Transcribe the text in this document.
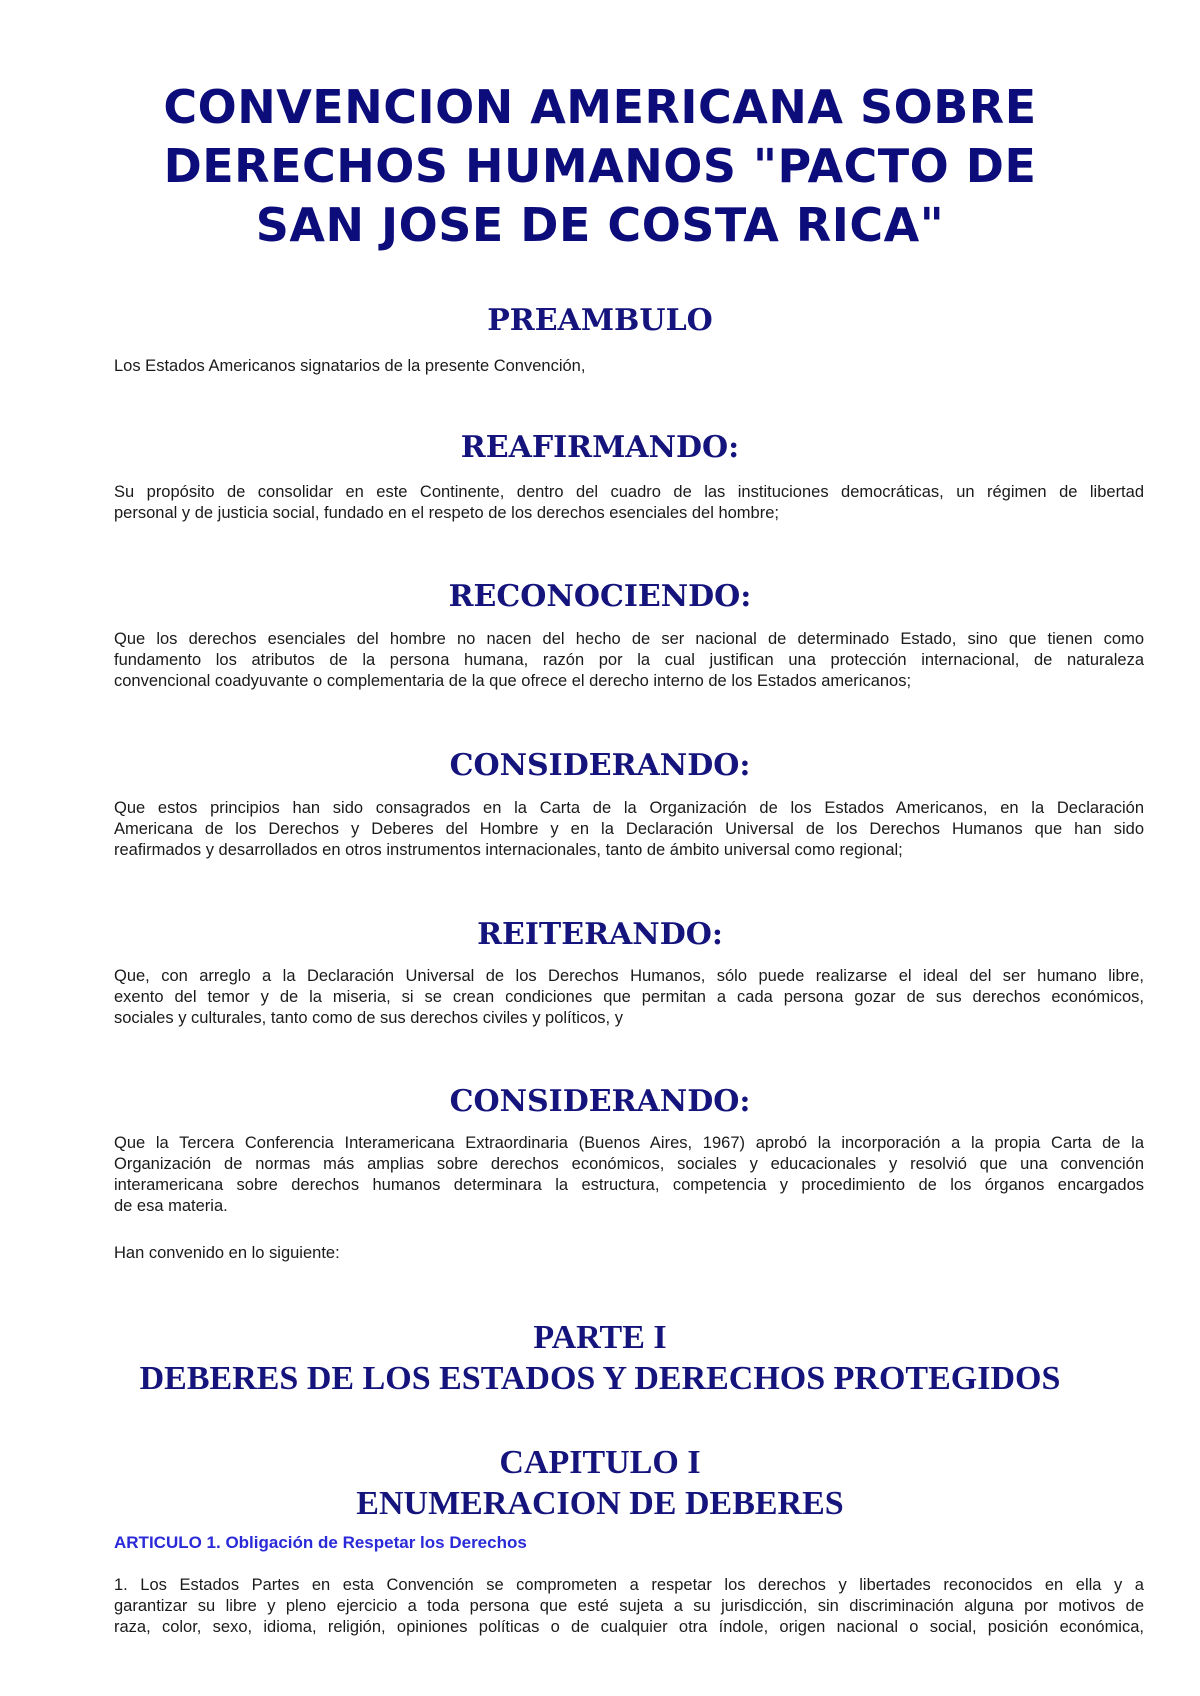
CONVENCION AMERICANA SOBRE
DERECHOS HUMANOS "PACTO DE
SAN JOSE DE COSTA RICA"
PREAMBULO
Los Estados Americanos signatarios de la presente Convención,
REAFIRMANDO:
Su propósito de consolidar en este Continente, dentro del cuadro de las instituciones democráticas, un régimen de libertad
personal y de justicia social, fundado en el respeto de los derechos esenciales del hombre;
RECONOCIENDO:
Que los derechos esenciales del hombre no nacen del hecho de ser nacional de determinado Estado, sino que tienen como
fundamento los atributos de la persona humana, razón por la cual justifican una protección internacional, de naturaleza
convencional coadyuvante o complementaria de la que ofrece el derecho interno de los Estados americanos;
CONSIDERANDO:
Que estos principios han sido consagrados en la Carta de la Organización de los Estados Americanos, en la Declaración
Americana de los Derechos y Deberes del Hombre y en la Declaración Universal de los Derechos Humanos que han sido
reafirmados y desarrollados en otros instrumentos internacionales, tanto de ámbito universal como regional;
REITERANDO:
Que, con arreglo a la Declaración Universal de los Derechos Humanos, sólo puede realizarse el ideal del ser humano libre,
exento del temor y de la miseria, si se crean condiciones que permitan a cada persona gozar de sus derechos económicos,
sociales y culturales, tanto como de sus derechos civiles y políticos, y
CONSIDERANDO:
Que la Tercera Conferencia Interamericana Extraordinaria (Buenos Aires, 1967) aprobó la incorporación a la propia Carta de la
Organización de normas más amplias sobre derechos económicos, sociales y educacionales y resolvió que una convención
interamericana sobre derechos humanos determinara la estructura, competencia y procedimiento de los órganos encargados
de esa materia.
Han convenido en lo siguiente:
PARTE I
DEBERES DE LOS ESTADOS Y DERECHOS PROTEGIDOS
CAPITULO I
ENUMERACION DE DEBERES
ARTICULO 1. Obligación de Respetar los Derechos
1. Los Estados Partes en esta Convención se comprometen a respetar los derechos y libertades reconocidos en ella y a
garantizar su libre y pleno ejercicio a toda persona que esté sujeta a su jurisdicción, sin discriminación alguna por motivos de
raza, color, sexo, idioma, religión, opiniones políticas o de cualquier otra índole, origen nacional o social, posición económica,
